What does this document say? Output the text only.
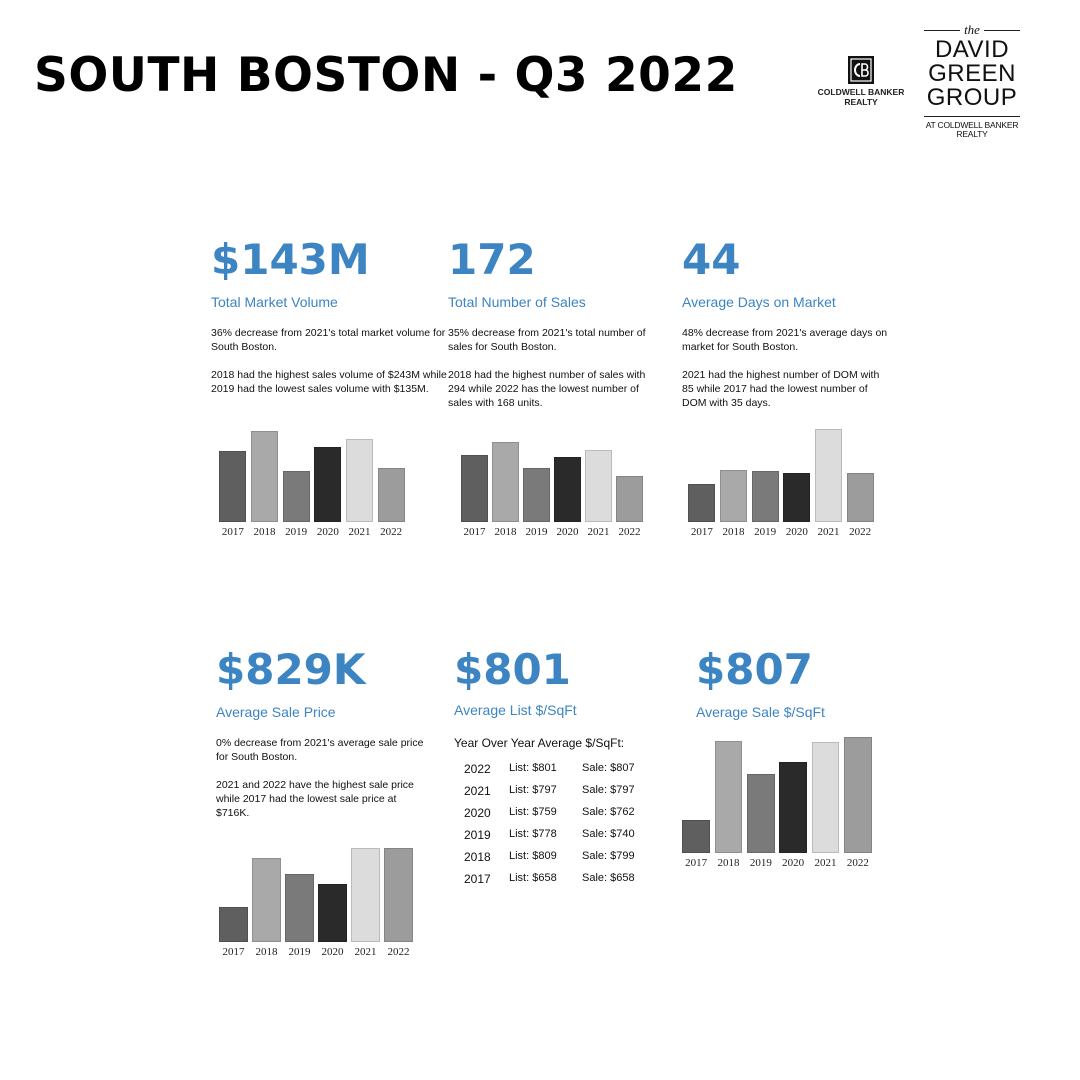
SOUTH BOSTON - Q3 2022	COLDWELL BANKER
REALTY
the
DAVID
GREEN
GROUP
AT COLDWELL BANKER
REALTY
$143M
Total Market Volume

36% decrease from 2021's total market volume for South Boston.

2018 had the highest sales volume of $243M while 2019 had the lowest sales volume with $135M.

172
Total Number of Sales

35% decrease from 2021's total number of sales for South Boston.

2018 had the highest number of sales with 294 while 2022 has the lowest number of sales with 168 units.

44
Average Days on Market

48% decrease from 2021's average days on market for South Boston.

2021 had the highest number of DOM with 85 while 2017 had the lowest number of DOM with 35 days.

$829K
Average Sale Price

0% decrease from 2021's average sale price for South Boston.

2021 and 2022 have the highest sale price while 2017 had the lowest sale price at $716K.

$801
Average List $/SqFt
$807
Average Sale $/SqFt
Year Over Year Average $/SqFt:
2022 List: $801 Sale: $807
2021 List: $797 Sale: $797
2020 List: $759 Sale: $762
2019 List: $778 Sale: $740
2018 List: $809 Sale: $799
2017 List: $658 Sale: $658
2017 2018 2019 2020 2021 2022	2017 2018 2019 2020 2021 2022	2017 2018 2019 2020 2021 2022
2017	2018	2019	2020	2021	2022
2017 2018 2019 2020 2021 2022
